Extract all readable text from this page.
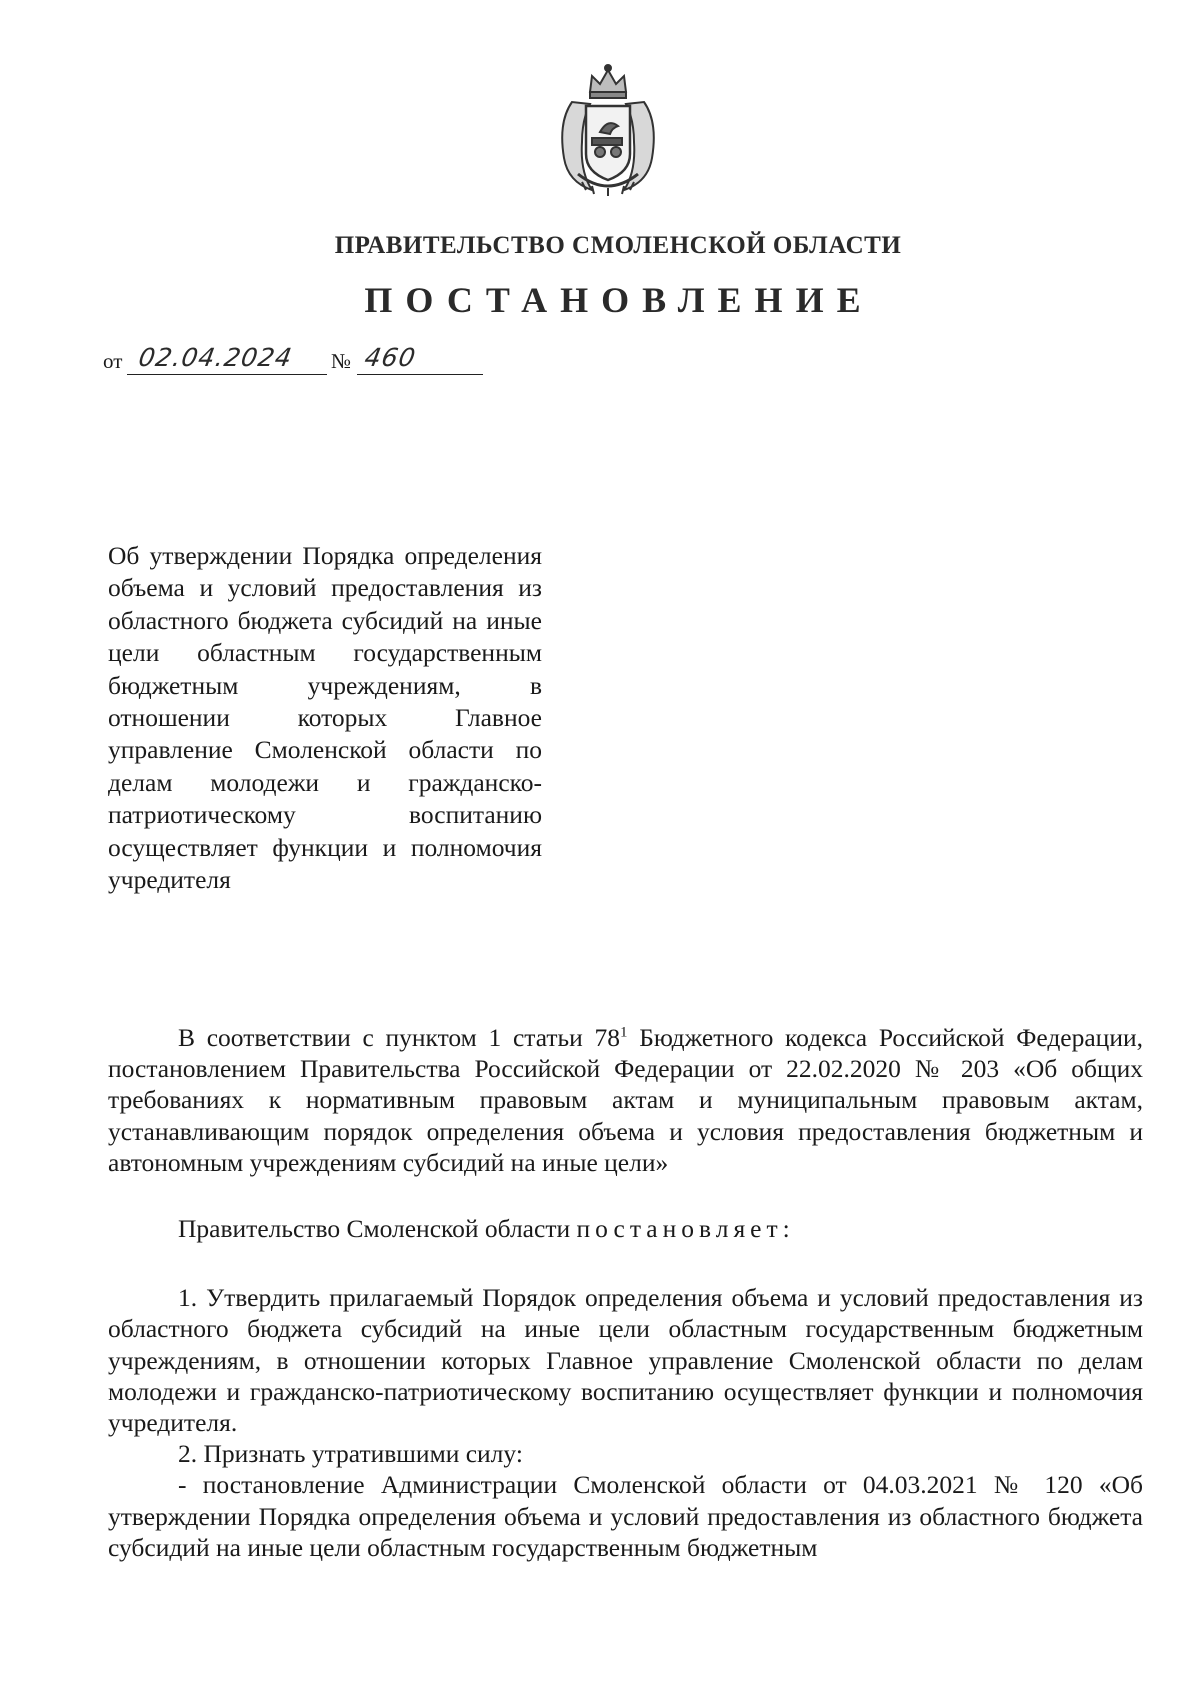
ПРАВИТЕЛЬСТВО СМОЛЕНСКОЙ ОБЛАСТИ
ПОСТАНОВЛЕНИЕ
от 02.04.2024 № 460
Об утверждении Порядка определения объема и условий предоставления из областного бюджета субсидий на иные цели областным государственным бюджетным учреждениям, в отношении которых Главное управление Смоленской области по делам молодежи и гражданско-патриотическому воспитанию осуществляет функции и полномочия учредителя

В соответствии с пунктом 1 статьи $78^1$ Бюджетного кодекса Российской Федерации, постановлением Правительства Российской Федерации от 22.02.2020 № 203 «Об общих требованиях к нормативным правовым актам и муниципальным правовым актам, устанавливающим порядок определения объема и условия предоставления бюджетным и автономным учреждениям субсидий на иные цели»

Правительство Смоленской области постановляет:

1. Утвердить прилагаемый Порядок определения объема и условий предоставления из областного бюджета субсидий на иные цели областным государственным бюджетным учреждениям, в отношении которых Главное управление Смоленской области по делам молодежи и гражданско-патриотическому воспитанию осуществляет функции и полномочия учредителя.

2. Признать утратившими силу:

- постановление Администрации Смоленской области от 04.03.2021 № 120 «Об утверждении Порядка определения объема и условий предоставления из областного бюджета субсидий на иные цели областным государственным бюджетным
